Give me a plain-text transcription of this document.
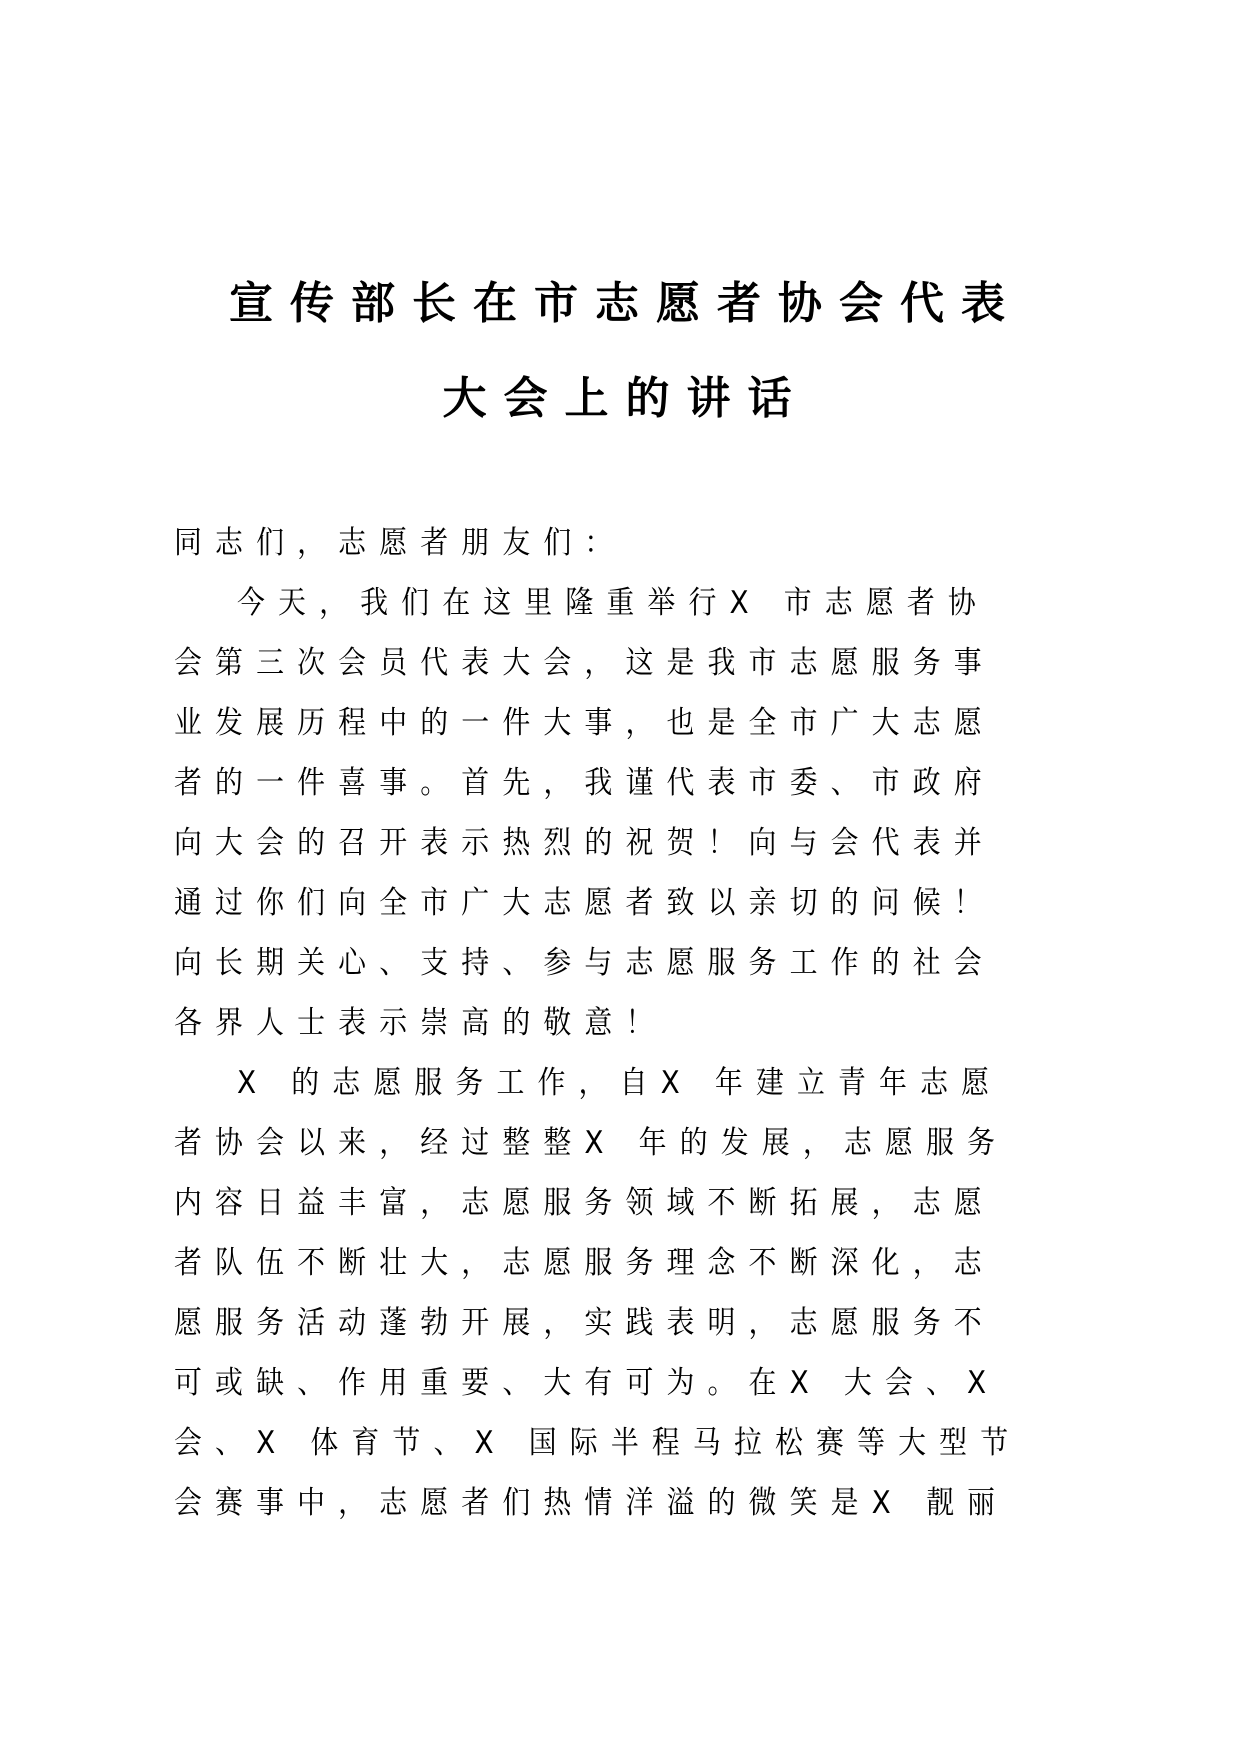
宣传部长在市志愿者协会代表
大会上的讲话
同志们，志愿者朋友们：
今天，我们在这里隆重举行X 市志愿者协
会第三次会员代表大会，这是我市志愿服务事
业发展历程中的一件大事，也是全市广大志愿
者的一件喜事。首先，我谨代表市委、市政府
向大会的召开表示热烈的祝贺！向与会代表并
通过你们向全市广大志愿者致以亲切的问候！
向长期关心、支持、参与志愿服务工作的社会
各界人士表示崇高的敬意！
X 的志愿服务工作，自X 年建立青年志愿
者协会以来，经过整整X 年的发展，志愿服务
内容日益丰富，志愿服务领域不断拓展，志愿
者队伍不断壮大，志愿服务理念不断深化，志
愿服务活动蓬勃开展，实践表明，志愿服务不
可或缺、作用重要、大有可为。在X 大会、X
会、X 体育节、X 国际半程马拉松赛等大型节
会赛事中，志愿者们热情洋溢的微笑是X 靓丽
